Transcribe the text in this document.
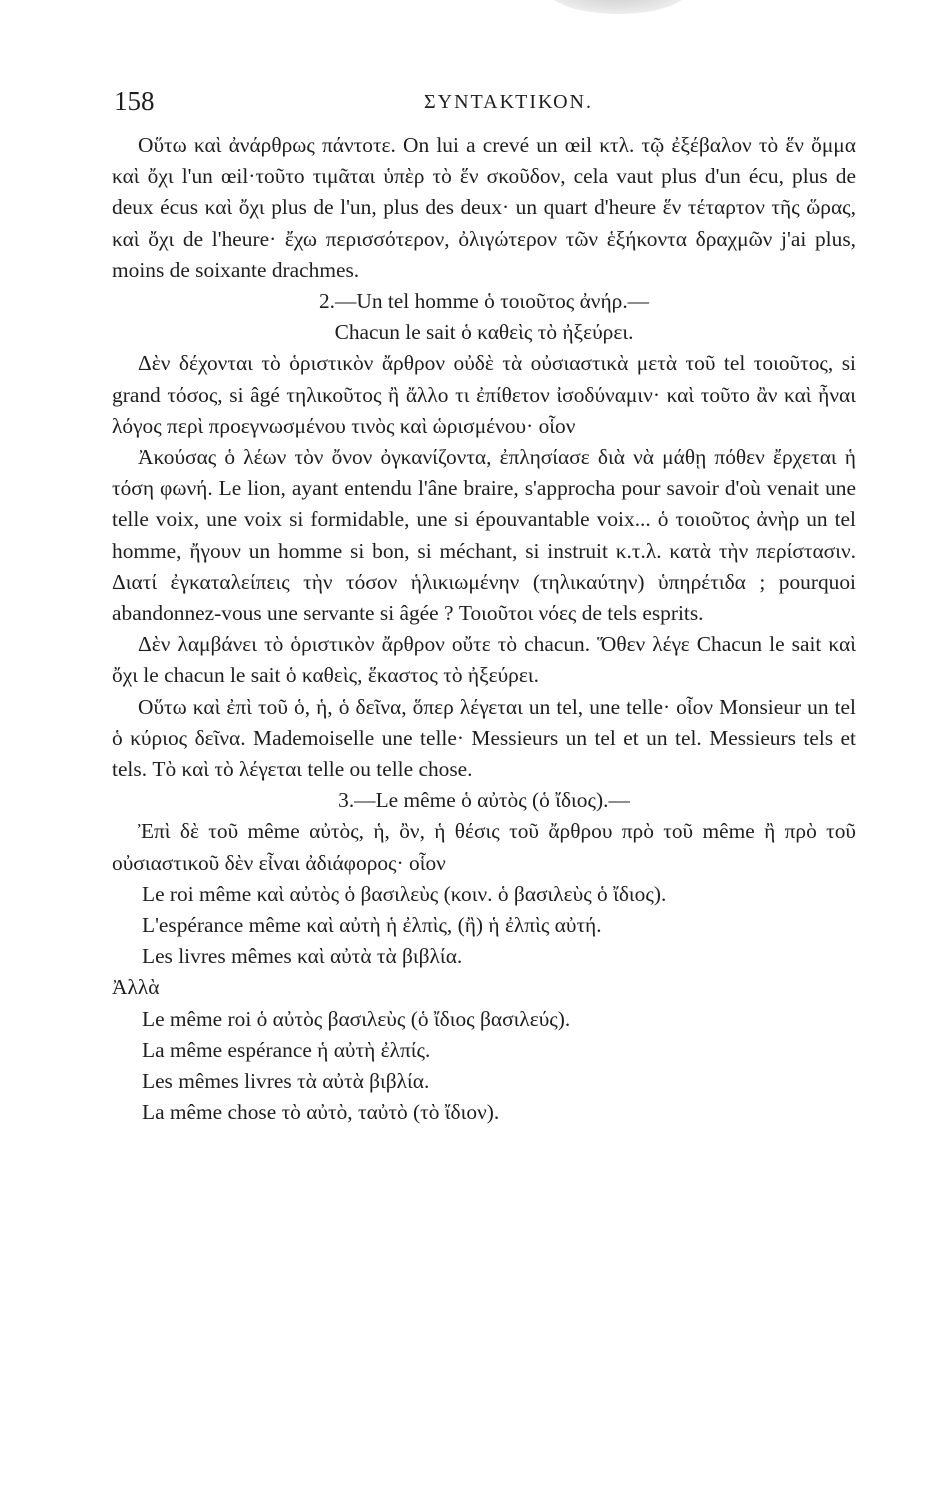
158	ΣΥΝΤΑΚΤΙΚΟΝ.

Οὕτω καὶ ἀνάρθρως πάντοτε. On lui a crevé un œil κτλ. τῷ ἐξέβαλον τὸ ἕν ὄμμα καὶ ὄχι l'un œil·τοῦτο τιμᾶται ὑπὲρ τὸ ἕν σκοῦδον, cela vaut plus d'un écu, plus de deux écus καὶ ὄχι plus de l'un, plus des deux· un quart d'heure ἕν τέταρτον τῆς ὥρας, καὶ ὄχι de l'heure· ἔχω περισσότερον, ὀλιγώτερον τῶν ἑξήκοντα δραχμῶν j'ai plus, moins de soixante drachmes.

2.—Un tel homme ὁ τοιοῦτος ἀνήρ.—

Chacun le sait ὁ καθεὶς τὸ ἠξεύρει.

Δὲν δέχονται τὸ ὁριστικὸν ἄρθρον οὐδὲ τὰ οὐσιαστικὰ μετὰ τοῦ tel τοιοῦτος, si grand τόσος, si âgé τηλικοῦτος ἢ ἄλλο τι ἐπίθετον ἰσοδύναμιν· καὶ τοῦτο ἂν καὶ ἦναι λόγος περὶ προεγνωσμένου τινὸς καὶ ὡρισμένου· οἷον

Ἀκούσας ὁ λέων τὸν ὄνον ὀγκανίζοντα, ἐπλησίασε διὰ νὰ μάθῃ πόθεν ἔρχεται ἡ τόση φωνή. Le lion, ayant entendu l'âne braire, s'approcha pour savoir d'où venait une telle voix, une voix si formidable, une si épouvantable voix... ὁ τοιοῦτος ἀνὴρ un tel homme, ἤγουν un homme si bon, si méchant, si instruit κ.τ.λ. κατὰ τὴν περίστασιν. Διατί ἐγκαταλείπεις τὴν τόσον ἡλικιωμένην (τηλικαύτην) ὑπηρέτιδα ; pourquoi abandonnez-vous une servante si âgée ? Τοιοῦτοι νόες de tels esprits.

Δὲν λαμβάνει τὸ ὁριστικὸν ἄρθρον οὔτε τὸ chacun. Ὅθεν λέγε Chacun le sait καὶ ὄχι le chacun le sait ὁ καθεὶς, ἕκαστος τὸ ἠξεύρει.

Οὕτω καὶ ἐπὶ τοῦ ὁ, ἡ, ὁ δεῖνα, ὅπερ λέγεται un tel, une telle· οἷον Monsieur un tel ὁ κύριος δεῖνα. Mademoiselle une telle· Messieurs un tel et un tel. Messieurs tels et tels. Τὸ καὶ τὸ λέγεται telle ou telle chose.

3.—Le même ὁ αὐτὸς (ὁ ἴδιος).—

Ἐπὶ δὲ τοῦ même αὐτὸς, ἡ, ὂν, ἡ θέσις τοῦ ἄρθρου πρὸ τοῦ même ἢ πρὸ τοῦ οὐσιαστικοῦ δὲν εἶναι ἀδιάφορος· οἷον

Le roi même καὶ αὐτὸς ὁ βασιλεὺς (κοιν. ὁ βασιλεὺς ὁ ἴδιος).

L'espérance même καὶ αὐτὴ ἡ ἐλπὶς, (ἢ) ἡ ἐλπὶς αὐτή.

Les livres mêmes καὶ αὐτὰ τὰ βιβλία.

Ἀλλὰ

Le même roi ὁ αὐτὸς βασιλεὺς (ὁ ἴδιος βασιλεύς).

La même espérance ἡ αὐτὴ ἐλπίς.

Les mêmes livres τὰ αὐτὰ βιβλία.

La même chose τὸ αὐτὸ, ταὐτὸ (τὸ ἴδιον).
